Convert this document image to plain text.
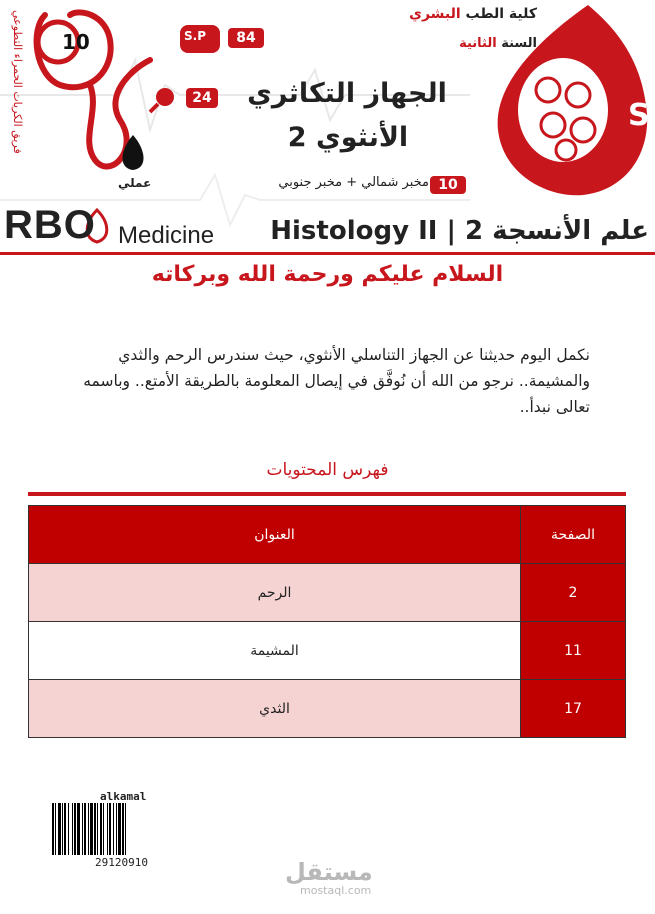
S
فريق الكريات الحمراء التطوعي 10	S.P	84
24
عملي
كلية الطب البشري
السنة الثانية
الجهاز التكاثري
الأنثوي 2
مخبر شمالي + مخبر جنوبي 10
RBO Medicine علم الأنسجة 2 | Histology II
السلام عليكم ورحمة الله وبركاته
نكمل اليوم حديثنا عن الجهاز التناسلي الأنثوي، حيث سندرس الرحم والثدي والمشيمة.. نرجو من الله أن نُوفَّق في إيصال المعلومة بالطريقة الأمتع.. وباسمه تعالى نبدأ..
فهرس المحتويات
الصفحة	العنوان
2	الرحم
11	المشيمة
17	الثدي
alkamal
29120910	مستقل
mostaql.com
